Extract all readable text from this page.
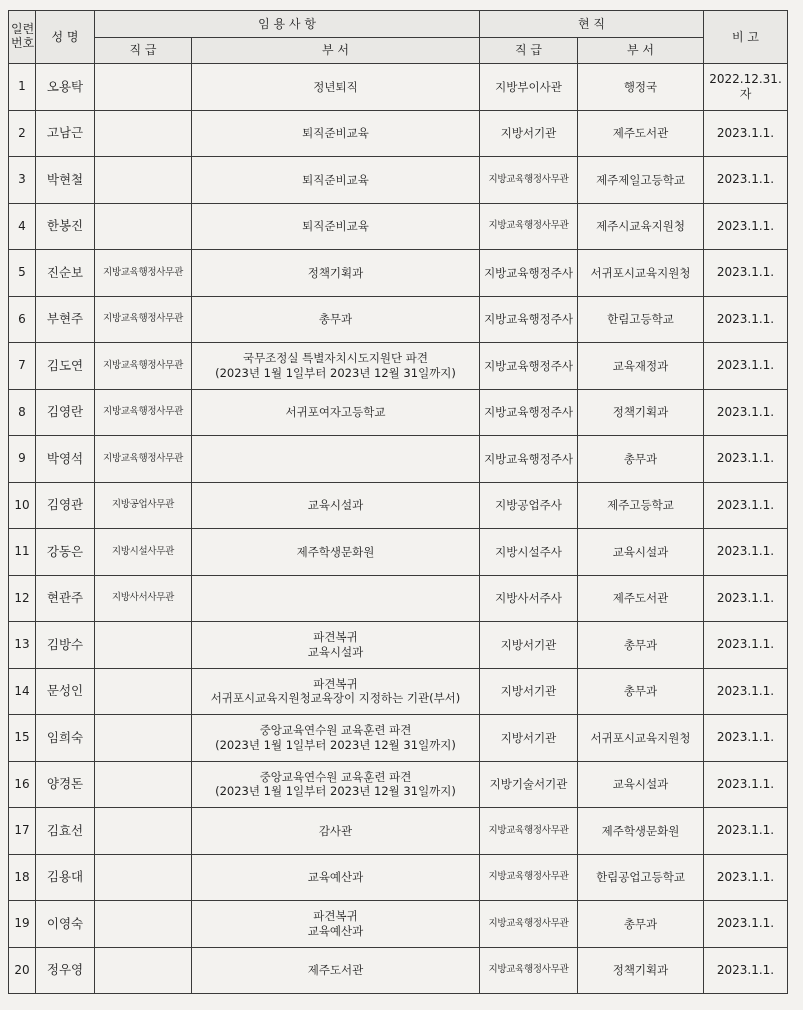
일련
번호	성 명	임 용 사 항		현 직		비 고
		직 급	부 서	직 급	부 서	
1	오용탁		정년퇴직	지방부이사관	행정국	2022.12.31.자
2	고남근		퇴직준비교육	지방서기관	제주도서관	2023.1.1.
3	박현철		퇴직준비교육	지방교육행정사무관	제주제일고등학교	2023.1.1.
4	한봉진		퇴직준비교육	지방교육행정사무관	제주시교육지원청	2023.1.1.
5	진순보	지방교육행정사무관	정책기획과	지방교육행정주사	서귀포시교육지원청	2023.1.1.
6	부현주	지방교육행정사무관	총무과	지방교육행정주사	한림고등학교	2023.1.1.
7	김도연	지방교육행정사무관	국무조정실 특별자치시도지원단 파견
(2023년 1월 1일부터 2023년 12월 31일까지)	지방교육행정주사	교육재정과	2023.1.1.
8	김영란	지방교육행정사무관	서귀포여자고등학교	지방교육행정주사	정책기획과	2023.1.1.
9	박영석	지방교육행정사무관		지방교육행정주사	총무과	2023.1.1.
10	김영관	지방공업사무관	교육시설과	지방공업주사	제주고등학교	2023.1.1.
11	강동은	지방시설사무관	제주학생문화원	지방시설주사	교육시설과	2023.1.1.
12	현관주	지방사서사무관		지방사서주사	제주도서관	2023.1.1.
13	김방수		파견복귀
교육시설과	지방서기관	총무과	2023.1.1.
14	문성인		파견복귀
서귀포시교육지원청교육장이 지정하는 기관(부서)	지방서기관	총무과	2023.1.1.
15	임희숙		중앙교육연수원 교육훈련 파견
(2023년 1월 1일부터 2023년 12월 31일까지)	지방서기관	서귀포시교육지원청	2023.1.1.
16	양경돈		중앙교육연수원 교육훈련 파견
(2023년 1월 1일부터 2023년 12월 31일까지)	지방기술서기관	교육시설과	2023.1.1.
17	김효선		감사관	지방교육행정사무관	제주학생문화원	2023.1.1.
18	김용대		교육예산과	지방교육행정사무관	한림공업고등학교	2023.1.1.
19	이영숙		파견복귀
교육예산과	지방교육행정사무관	총무과	2023.1.1.
20	정우영		제주도서관	지방교육행정사무관	정책기획과	2023.1.1.
